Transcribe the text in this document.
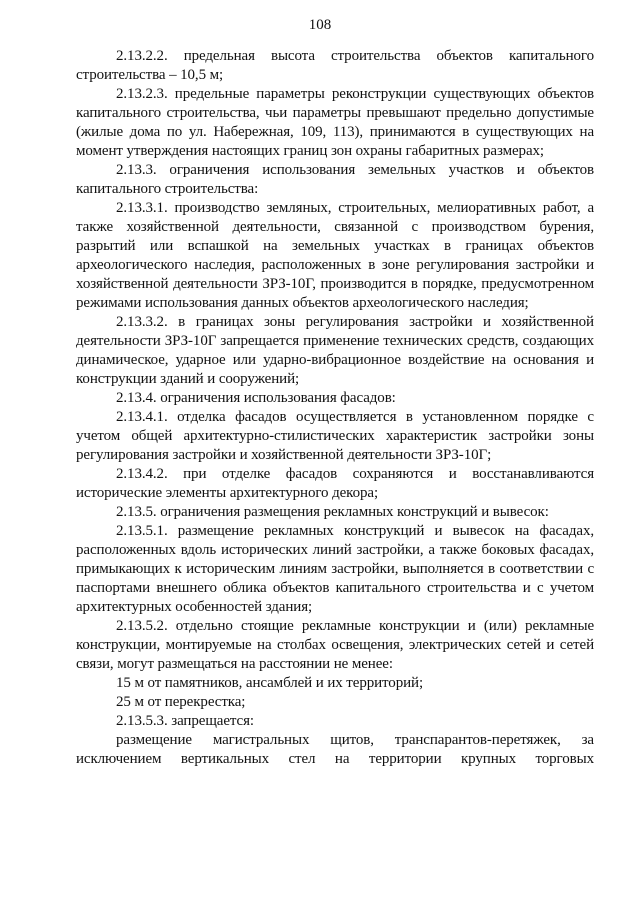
108

2.13.2.2. предельная высота строительства объектов капитального строительства – 10,5 м;

2.13.2.3. предельные параметры реконструкции существующих объектов капитального строительства, чьи параметры превышают предельно допустимые (жилые дома по ул. Набережная, 109, 113), принимаются в существующих на момент утверждения настоящих границ зон охраны габаритных размерах;

2.13.3. ограничения использования земельных участков и объектов капитального строительства:

2.13.3.1. производство земляных, строительных, мелиоративных работ, а также хозяйственной деятельности, связанной с производством бурения, разрытий или вспашкой на земельных участках в границах объектов археологического наследия, расположенных в зоне регулирования застройки и хозяйственной деятельности ЗРЗ-10Г, производится в порядке, предусмотренном режимами использования данных объектов археологического наследия;

2.13.3.2. в границах зоны регулирования застройки и хозяйственной деятельности ЗРЗ-10Г запрещается применение технических средств, создающих динамическое, ударное или ударно-вибрационное воздействие на основания и конструкции зданий и сооружений;

2.13.4. ограничения использования фасадов:

2.13.4.1. отделка фасадов осуществляется в установленном порядке с учетом общей архитектурно-стилистических характеристик застройки зоны регулирования застройки и хозяйственной деятельности ЗРЗ-10Г;

2.13.4.2. при отделке фасадов сохраняются и восстанавливаются исторические элементы архитектурного декора;

2.13.5. ограничения размещения рекламных конструкций и вывесок:

2.13.5.1. размещение рекламных конструкций и вывесок на фасадах, расположенных вдоль исторических линий застройки, а также боковых фасадах, примыкающих к историческим линиям застройки, выполняется в соответствии с паспортами внешнего облика объектов капитального строительства и с учетом архитектурных особенностей здания;

2.13.5.2. отдельно стоящие рекламные конструкции и (или) рекламные конструкции, монтируемые на столбах освещения, электрических сетей и сетей связи, могут размещаться на расстоянии не менее:

15 м от памятников, ансамблей и их территорий;

25 м от перекрестка;

2.13.5.3. запрещается:

размещение магистральных щитов, транспарантов-перетяжек, за исключением вертикальных стел на территории крупных торговых
